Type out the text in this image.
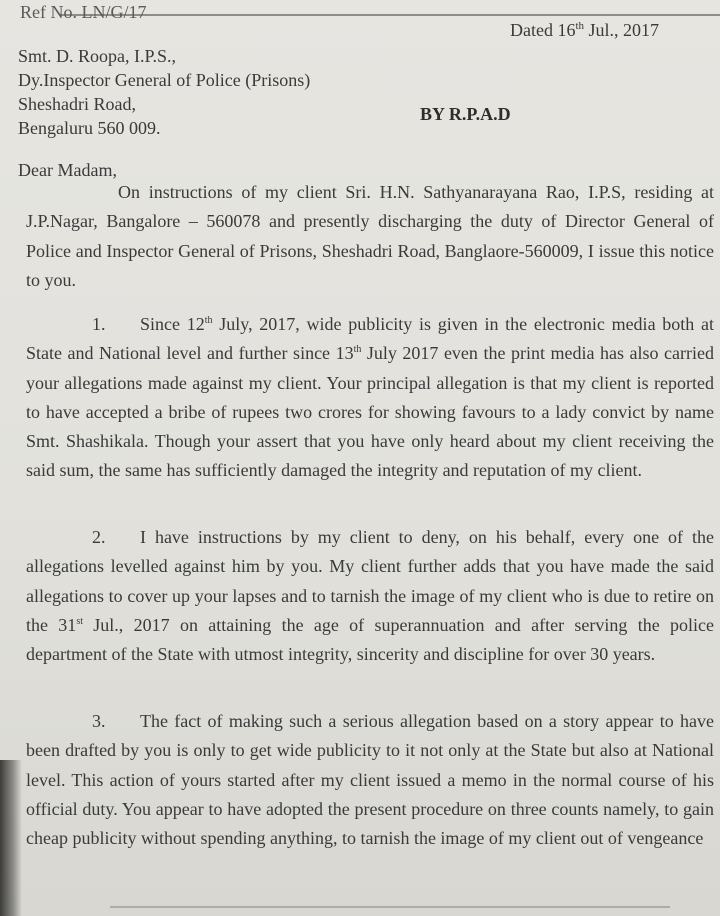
Ref No. LN/G/17
Dated 16th Jul., 2017
Smt. D. Roopa, I.P.S.,
Dy.Inspector General of Police (Prisons)
Sheshadri Road,
Bengaluru 560 009.
BY R.P.A.D
Dear Madam,
On instructions of my client Sri. H.N. Sathyanarayana Rao, I.P.S, residing at J.P.Nagar, Bangalore – 560078 and presently discharging the duty of Director General of Police and Inspector General of Prisons, Sheshadri Road, Banglaore-560009, I issue this notice to you.
1. Since 12th July, 2017, wide publicity is given in the electronic media both at State and National level and further since 13th July 2017 even the print media has also carried your allegations made against my client. Your principal allegation is that my client is reported to have accepted a bribe of rupees two crores for showing favours to a lady convict by name Smt. Shashikala. Though your assert that you have only heard about my client receiving the said sum, the same has sufficiently damaged the integrity and reputation of my client.
2. I have instructions by my client to deny, on his behalf, every one of the allegations levelled against him by you. My client further adds that you have made the said allegations to cover up your lapses and to tarnish the image of my client who is due to retire on the 31st Jul., 2017 on attaining the age of superannuation and after serving the police department of the State with utmost integrity, sincerity and discipline for over 30 years.
3. The fact of making such a serious allegation based on a story appear to have been drafted by you is only to get wide publicity to it not only at the State but also at National level. This action of yours started after my client issued a memo in the normal course of his official duty. You appear to have adopted the present procedure on three counts namely, to gain cheap publicity without spending anything, to tarnish the image of my client out of vengeance
